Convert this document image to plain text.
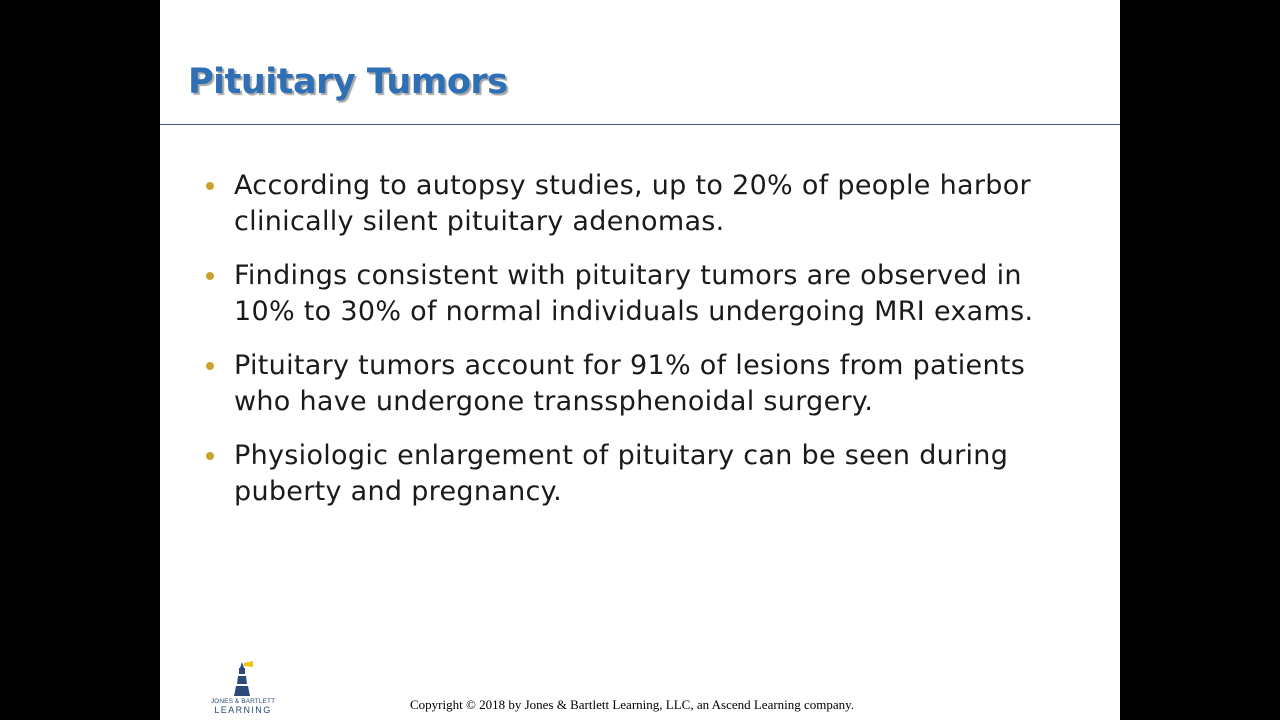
Pituitary Tumors
According to autopsy studies, up to 20% of people harbor clinically silent pituitary adenomas.
Findings consistent with pituitary tumors are observed in 10% to 30% of normal individuals undergoing MRI exams.
Pituitary tumors account for 91% of lesions from patients who have undergone transsphenoidal surgery.
Physiologic enlargement of pituitary can be seen during puberty and pregnancy.
JONES & BARTLETT
LEARNING	Copyright © 2018 by Jones & Bartlett Learning, LLC, an Ascend Learning company.
